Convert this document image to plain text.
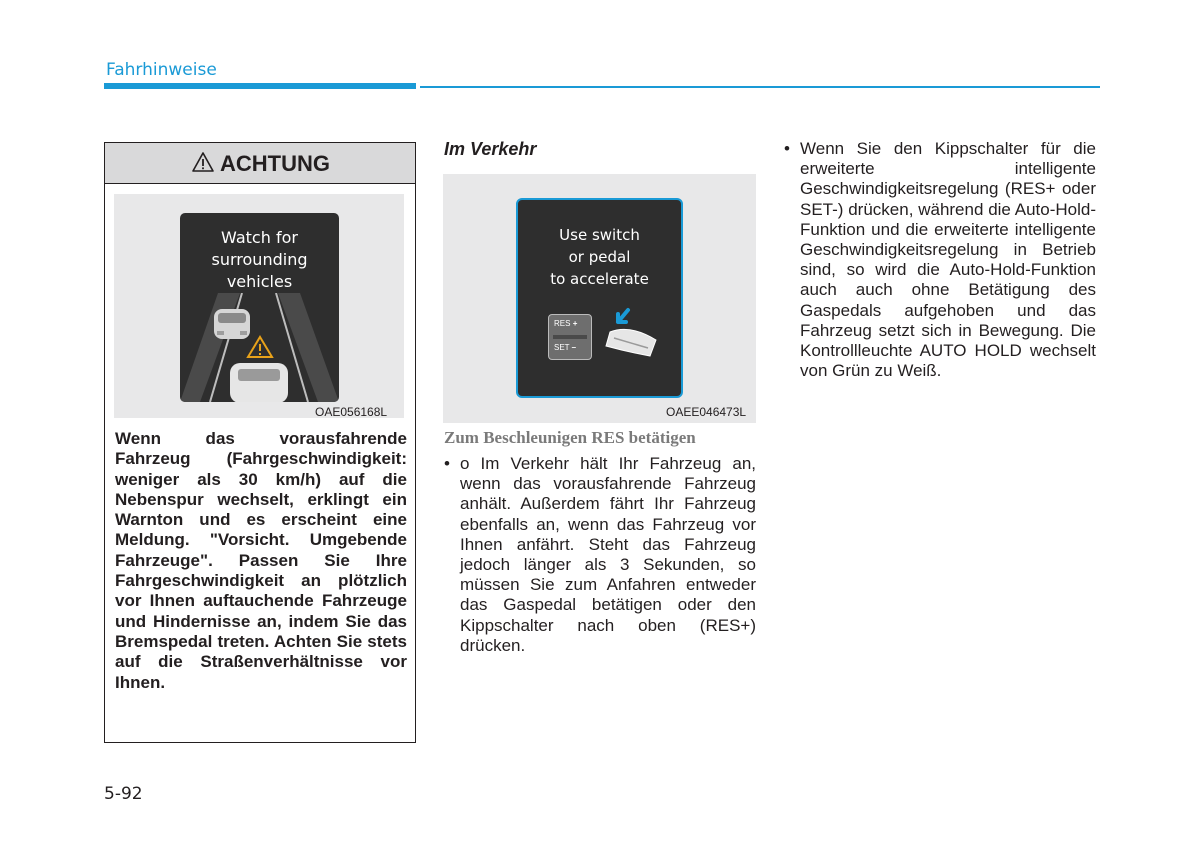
Fahrhinweise
ACHTUNG
Watch for
surrounding
vehicles
OAE056168L
Wenn das vorausfahrende Fahrzeug (Fahrgeschwindigkeit: weniger als 30 km/h) auf die Nebenspur wechselt, erklingt ein Warnton und es erscheint eine Meldung. "Vorsicht. Umgebende Fahrzeuge". Passen Sie Ihre Fahrgeschwindigkeit an plötzlich vor Ihnen auftauchende Fahrzeuge und Hindernisse an, indem Sie das Bremspedal treten. Achten Sie stets auf die Straßenverhältnisse vor Ihnen.
Im Verkehr
Use switch
or pedal
to accelerate
RES +
SET –
OAEE046473L
Zum Beschleunigen RES betätigen
• o Im Verkehr hält Ihr Fahrzeug an, wenn das vorausfahrende Fahrzeug anhält. Außerdem fährt Ihr Fahrzeug ebenfalls an, wenn das Fahrzeug vor Ihnen anfährt. Steht das Fahrzeug jedoch länger als 3 Sekunden, so müssen Sie zum Anfahren entweder das Gaspedal betätigen oder den Kippschalter nach oben (RES+) drücken.
• Wenn Sie den Kippschalter für die erweiterte intelligente Geschwindigkeitsregelung (RES+ oder SET-) drücken, während die Auto-Hold-Funktion und die erweiterte intelligente Geschwindigkeitsregelung in Betrieb sind, so wird die Auto-Hold-Funktion auch auch ohne Betätigung des Gaspedals aufgehoben und das Fahrzeug setzt sich in Bewegung. Die Kontrollleuchte AUTO HOLD wechselt von Grün zu Weiß.
5-92
